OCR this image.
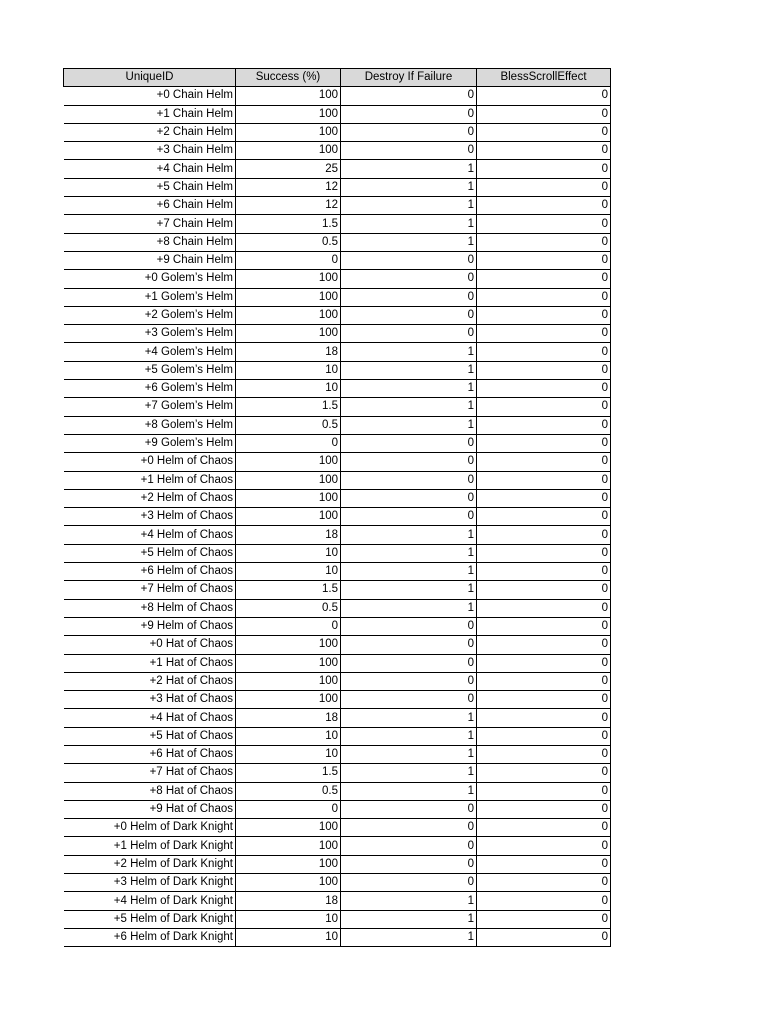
UniqueID	Success (%)	Destroy If Failure	BlessScrollEffect
+0 Chain Helm	100	0	0
+1 Chain Helm	100	0	0
+2 Chain Helm	100	0	0
+3 Chain Helm	100	0	0
+4 Chain Helm	25	1	0
+5 Chain Helm	12	1	0
+6 Chain Helm	12	1	0
+7 Chain Helm	1.5	1	0
+8 Chain Helm	0.5	1	0
+9 Chain Helm	0	0	0
+0 Golem’s Helm	100	0	0
+1 Golem’s Helm	100	0	0
+2 Golem’s Helm	100	0	0
+3 Golem’s Helm	100	0	0
+4 Golem’s Helm	18	1	0
+5 Golem’s Helm	10	1	0
+6 Golem’s Helm	10	1	0
+7 Golem’s Helm	1.5	1	0
+8 Golem’s Helm	0.5	1	0
+9 Golem’s Helm	0	0	0
+0 Helm of Chaos	100	0	0
+1 Helm of Chaos	100	0	0
+2 Helm of Chaos	100	0	0
+3 Helm of Chaos	100	0	0
+4 Helm of Chaos	18	1	0
+5 Helm of Chaos	10	1	0
+6 Helm of Chaos	10	1	0
+7 Helm of Chaos	1.5	1	0
+8 Helm of Chaos	0.5	1	0
+9 Helm of Chaos	0	0	0
+0 Hat of Chaos	100	0	0
+1 Hat of Chaos	100	0	0
+2 Hat of Chaos	100	0	0
+3 Hat of Chaos	100	0	0
+4 Hat of Chaos	18	1	0
+5 Hat of Chaos	10	1	0
+6 Hat of Chaos	10	1	0
+7 Hat of Chaos	1.5	1	0
+8 Hat of Chaos	0.5	1	0
+9 Hat of Chaos	0	0	0
+0 Helm of Dark Knight	100	0	0
+1 Helm of Dark Knight	100	0	0
+2 Helm of Dark Knight	100	0	0
+3 Helm of Dark Knight	100	0	0
+4 Helm of Dark Knight	18	1	0
+5 Helm of Dark Knight	10	1	0
+6 Helm of Dark Knight	10	1	0
